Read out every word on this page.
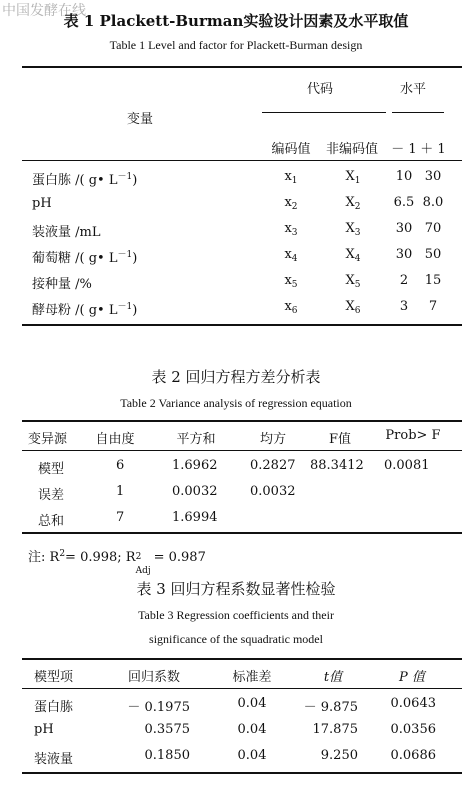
中国发酵在线
表 1 Plackett-Burman实验设计因素及水平取值
Table 1 Level and factor for Plackett-Burman design
代码	水平
变量
编码值	非编码值	－ 1 ＋ 1
蛋白胨 /( g• $L^{-1}$)	$x_1$	$X_1$	10 30
pH	$x_2$	$X_2$	6.5 8.0
装液量 /mL	$x_3$	$X_3$	30 70
葡萄糖 /( g• $L^{-1}$)	$x_4$	$X_4$	30 50
接种量 /%	$x_5$	$X_5$	2	15
酵母粉 /( g• $L^{-1}$)	$x_6$	$X_6$	3	7
表 2 回归方程方差分析表
Table 2 Variance analysis of regression equation
变异源	自由度	平方和	均方	F值	Prob> F
模型	6	1.6962	0.2827 88.3412 0.0081
误差	1	0.0032	0.0032
总和	7	1.6994
注: $R^2= 0.998$; R 2
Adj
= 0.987
表 3 回归方程系数显著性检验
Table 3 Regression coefficients and their
significance of the squadratic model
模型项	回归系数	标准差	t值	P 值
蛋白胨	－ 0.1975	0.04	－ 9.875	0.0643
pH	0.3575	0.04	17.875	0.0356
装液量	0.1850	0.04	9.250	0.0686
